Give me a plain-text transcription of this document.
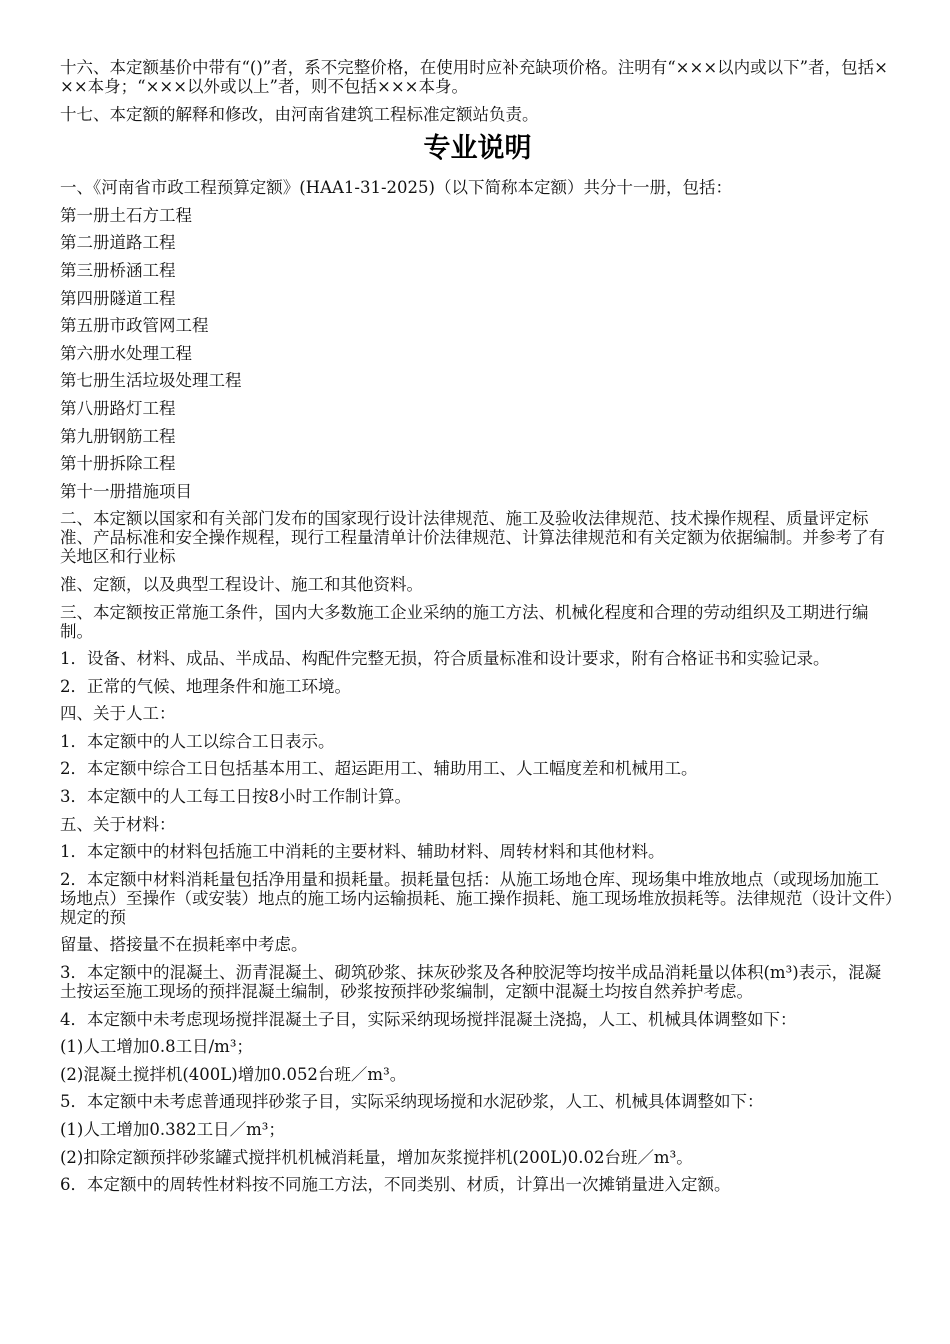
十六、本定额基价中带有“()”者，系不完整价格，在使用时应补充缺项价格。注明有“×××以内或以下”者，包括×××本身；“×××以外或以上”者，则不包括×××本身。
十七、本定额的解释和修改，由河南省建筑工程标准定额站负责。
专业说明
一、《河南省市政工程预算定额》(HAA1-31-2025)（以下简称本定额）共分十一册，包括：
第一册土石方工程
第二册道路工程
第三册桥涵工程
第四册隧道工程
第五册市政管网工程
第六册水处理工程
第七册生活垃圾处理工程
第八册路灯工程
第九册钢筋工程
第十册拆除工程
第十一册措施项目
二、本定额以国家和有关部门发布的国家现行设计法律规范、施工及验收法律规范、技术操作规程、质量评定标准、产品标准和安全操作规程，现行工程量清单计价法律规范、计算法律规范和有关定额为依据编制。并参考了有关地区和行业标
准、定额，以及典型工程设计、施工和其他资料。
三、本定额按正常施工条件，国内大多数施工企业采纳的施工方法、机械化程度和合理的劳动组织及工期进行编制。
1．设备、材料、成品、半成品、构配件完整无损，符合质量标准和设计要求，附有合格证书和实验记录。
2．正常的气候、地理条件和施工环境。
四、关于人工：
1．本定额中的人工以综合工日表示。
2．本定额中综合工日包括基本用工、超运距用工、辅助用工、人工幅度差和机械用工。
3．本定额中的人工每工日按8小时工作制计算。
五、关于材料：
1．本定额中的材料包括施工中消耗的主要材料、辅助材料、周转材料和其他材料。
2．本定额中材料消耗量包括净用量和损耗量。损耗量包括：从施工场地仓库、现场集中堆放地点（或现场加施工场地点）至操作（或安装）地点的施工场内运输损耗、施工操作损耗、施工现场堆放损耗等。法律规范（设计文件）规定的预
留量、搭接量不在损耗率中考虑。
3．本定额中的混凝土、沥青混凝土、砌筑砂浆、抹灰砂浆及各种胶泥等均按半成品消耗量以体积(m³)表示，混凝土按运至施工现场的预拌混凝土编制，砂浆按预拌砂浆编制，定额中混凝土均按自然养护考虑。
4．本定额中未考虑现场搅拌混凝土子目，实际采纳现场搅拌混凝土浇捣，人工、机械具体调整如下：
(1)人工增加0.8工日/m³；
(2)混凝土搅拌机(400L)增加0.052台班／m³。
5．本定额中未考虑普通现拌砂浆子目，实际采纳现场搅和水泥砂浆，人工、机械具体调整如下：
(1)人工增加0.382工日／m³；
(2)扣除定额预拌砂浆罐式搅拌机机械消耗量，增加灰浆搅拌机(200L)0.02台班／m³。
6．本定额中的周转性材料按不同施工方法，不同类别、材质，计算出一次摊销量进入定额。
